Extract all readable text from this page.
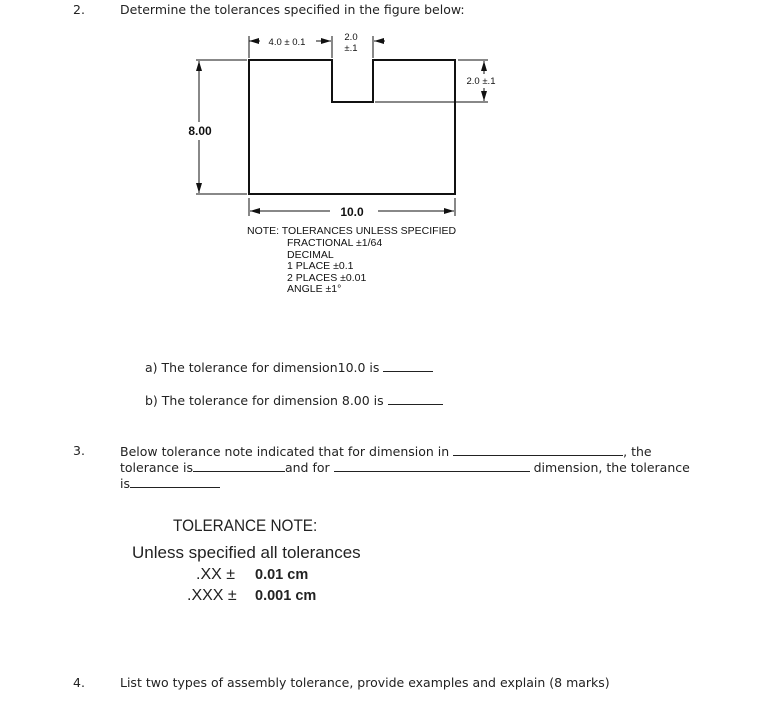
2.	Determine the tolerances specified in the figure below:
4.0 ± 0.1	2.0
±.1
2.0 ±.1
8.00
10.0
NOTE: TOLERANCES UNLESS SPECIFIED
FRACTIONAL ±1/64
DECIMAL
1 PLACE ±0.1
2 PLACES ±0.01
ANGLE ±1°
a) The tolerance for dimension10.0 is
b) The tolerance for dimension 8.00 is
3.	Below tolerance note indicated that for dimension in	, the
tolerance is	and for	dimension, the tolerance
is
TOLERANCE NOTE:
Unless specified all tolerances
.XX ± 0.01 cm
.XXX ± 0.001 cm
4.	List two types of assembly tolerance, provide examples and explain (8 marks)
